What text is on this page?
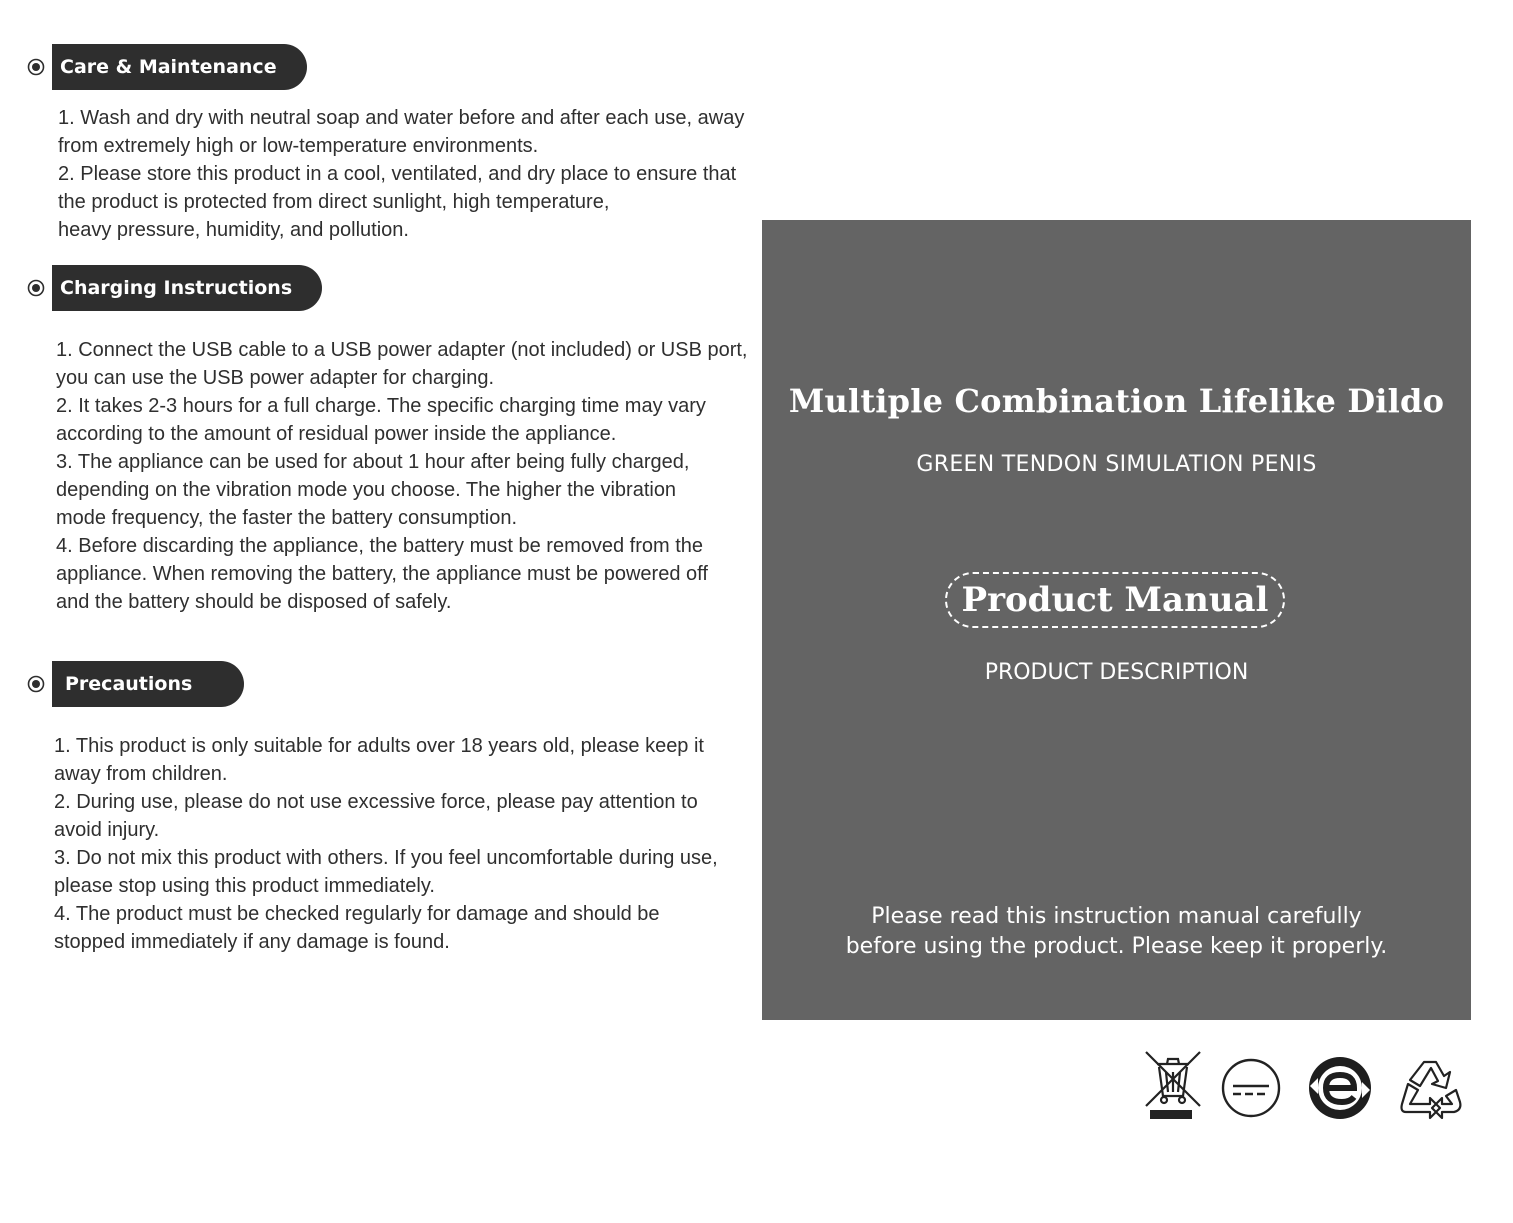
Care & Maintenance
1. Wash and dry with neutral soap and water before and after each use, away
from extremely high or low-temperature environments.
2. Please store this product in a cool, ventilated, and dry place to ensure that
the product is protected from direct sunlight, high temperature,
heavy pressure, humidity, and pollution.
Charging Instructions
1. Connect the USB cable to a USB power adapter (not included) or USB port,
you can use the USB power adapter for charging.
2. It takes 2-3 hours for a full charge. The specific charging time may vary
according to the amount of residual power inside the appliance.
3. The appliance can be used for about 1 hour after being fully charged,
depending on the vibration mode you choose. The higher the vibration
mode frequency, the faster the battery consumption.
4. Before discarding the appliance, the battery must be removed from the
appliance. When removing the battery, the appliance must be powered off
and the battery should be disposed of safely.
Precautions
1. This product is only suitable for adults over 18 years old, please keep it
away from children.
2. During use, please do not use excessive force, please pay attention to
avoid injury.
3. Do not mix this product with others. If you feel uncomfortable during use,
please stop using this product immediately.
4. The product must be checked regularly for damage and should be
stopped immediately if any damage is found.
Multiple Combination Lifelike Dildo
GREEN TENDON SIMULATION PENIS
Product Manual
PRODUCT DESCRIPTION
Please read this instruction manual carefully
before using the product. Please keep it properly.
